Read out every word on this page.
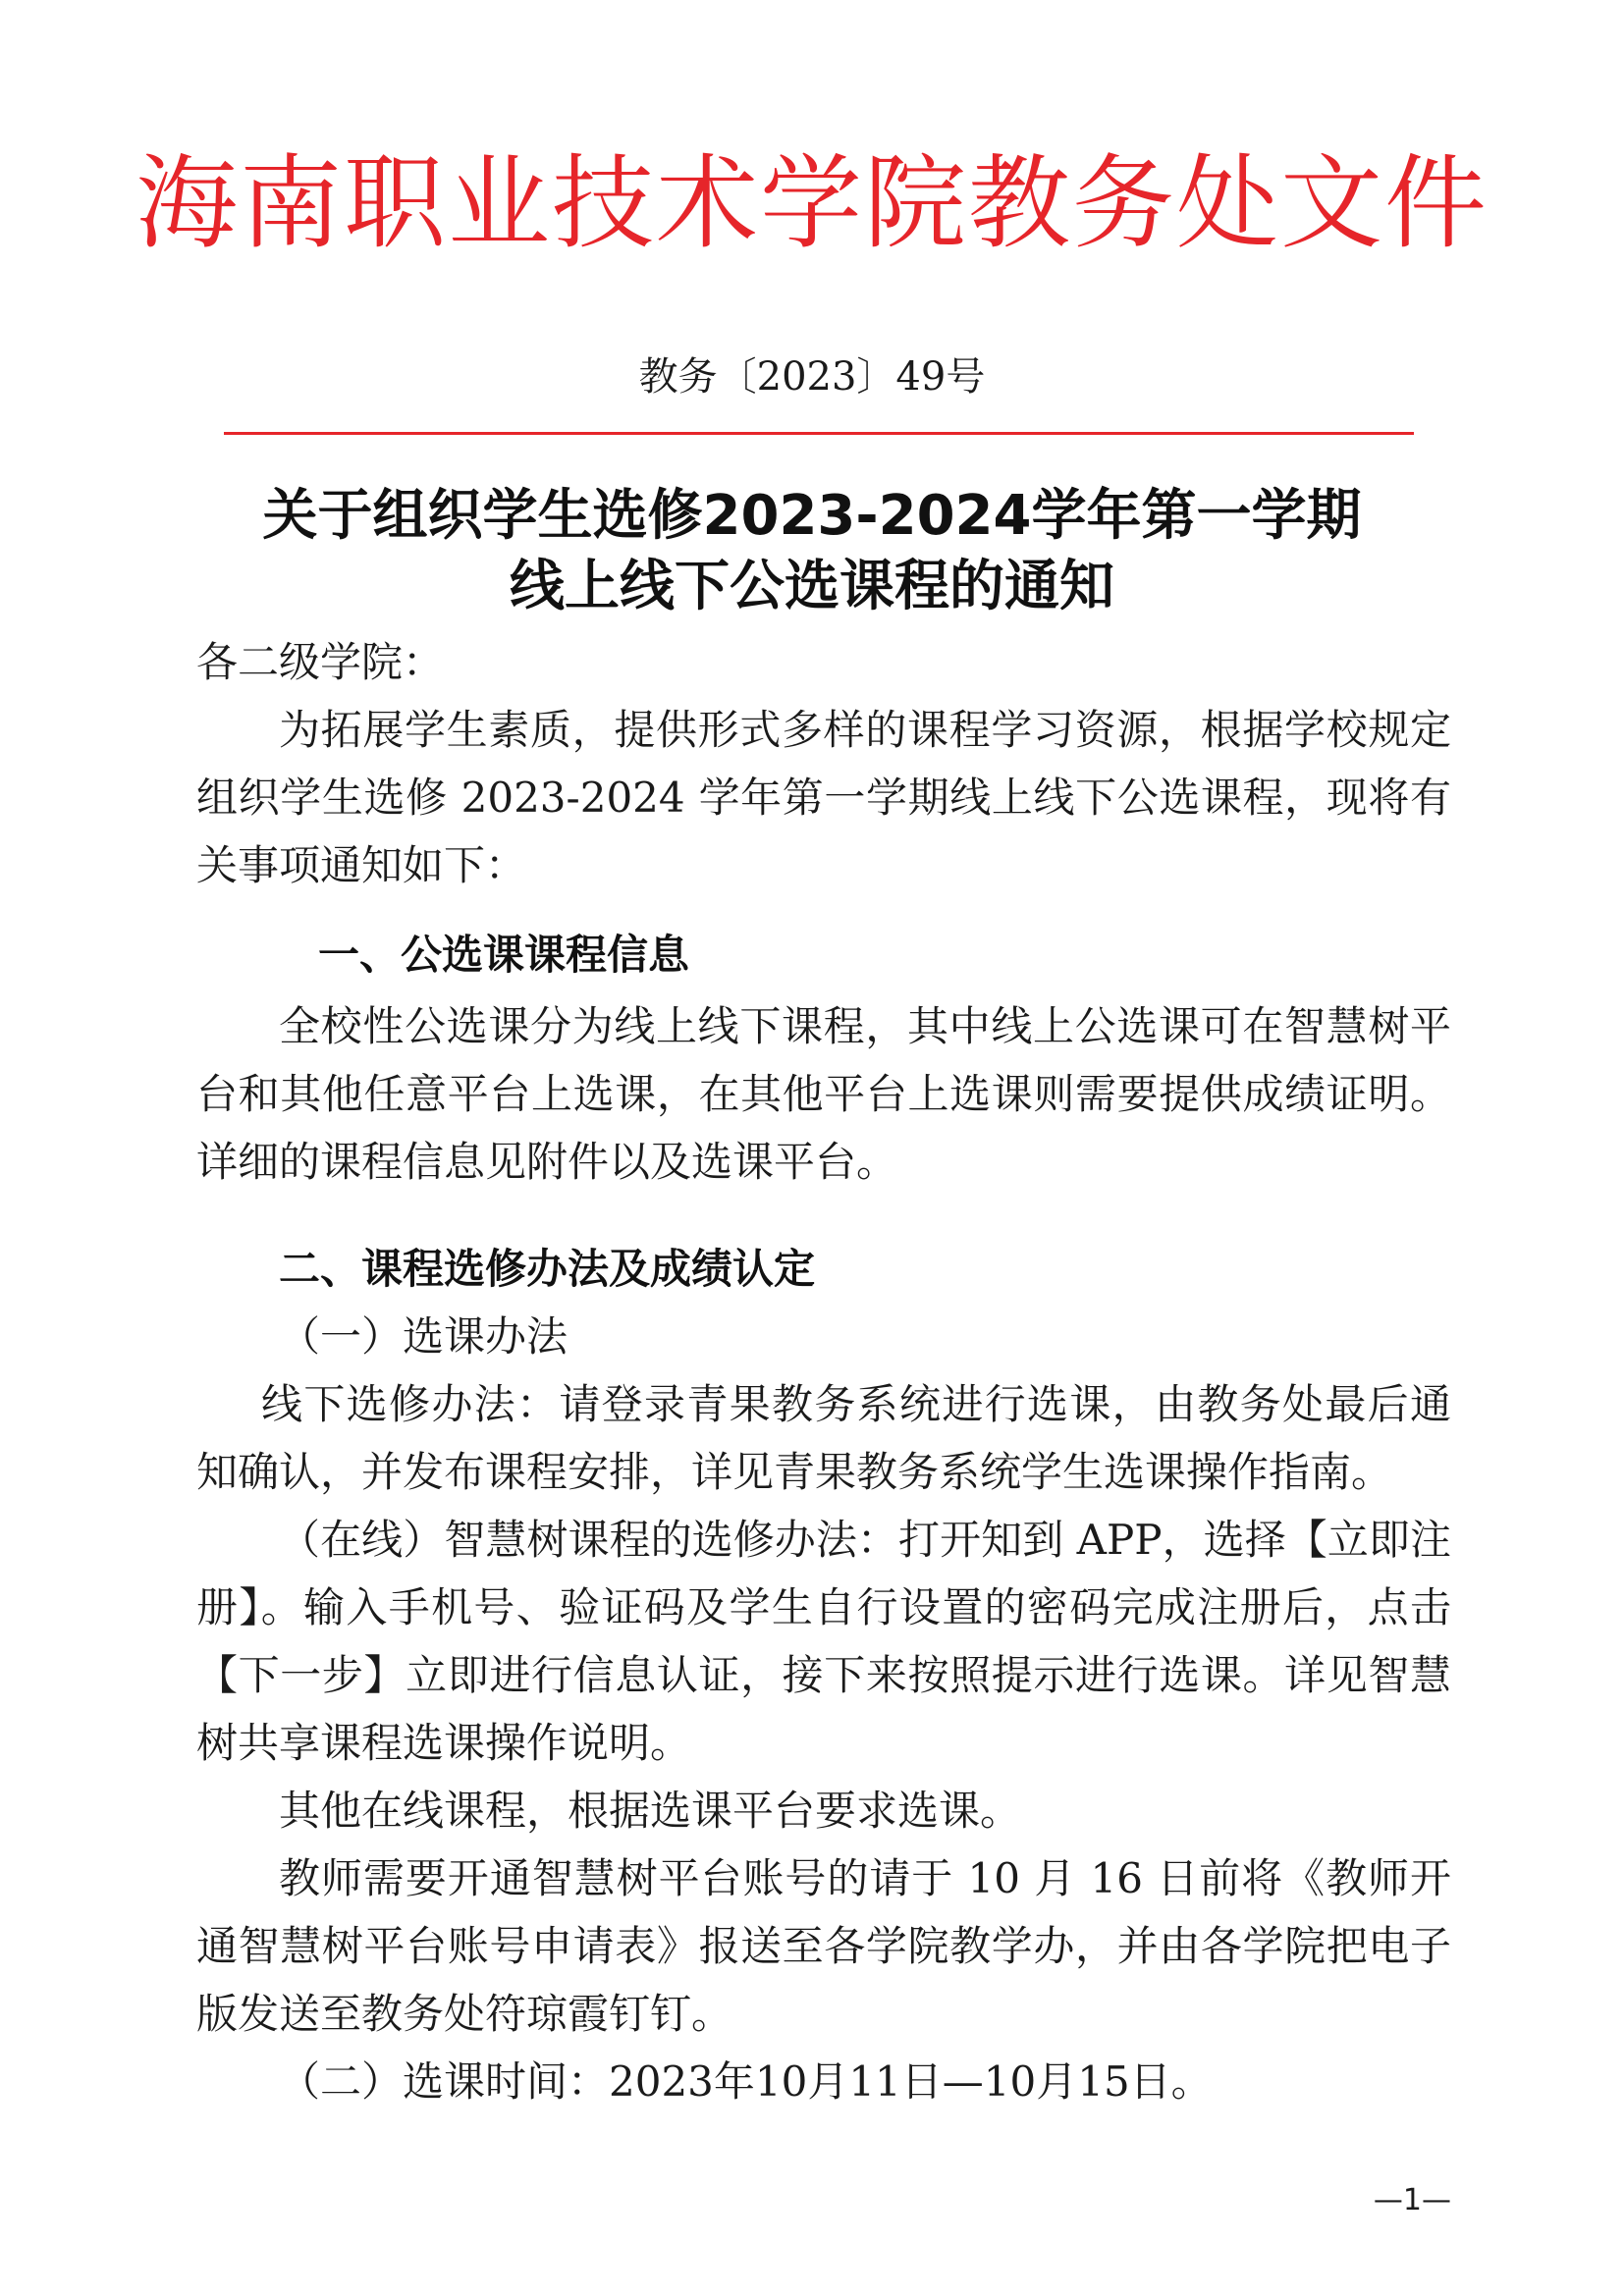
海南职业技术学院教务处文件
教务〔2023〕49号
关于组织学生选修2023-2024学年第一学期
线上线下公选课程的通知

各二级学院：

为拓展学生素质，提供形式多样的课程学习资源，根据学校规定组织学生选修 2023-2024 学年第一学期线上线下公选课程，现将有关事项通知如下：

一、公选课课程信息

全校性公选课分为线上线下课程，其中线上公选课可在智慧树平台和其他任意平台上选课，在其他平台上选课则需要提供成绩证明。详细的课程信息见附件以及选课平台。

二、课程选修办法及成绩认定

（一）选课办法

线下选修办法：请登录青果教务系统进行选课，由教务处最后通知确认，并发布课程安排，详见青果教务系统学生选课操作指南。

（在线）智慧树课程的选修办法：打开知到 APP，选择【立即注册】。输入手机号、验证码及学生自行设置的密码完成注册后，点击【下一步】立即进行信息认证，接下来按照提示进行选课。详见智慧树共享课程选课操作说明。

其他在线课程，根据选课平台要求选课。

教师需要开通智慧树平台账号的请于 10 月 16 日前将《教师开通智慧树平台账号申请表》报送至各学院教学办，并由各学院把电子版发送至教务处符琼霞钉钉。

（二）选课时间：2023年10月11日—10月15日。

—1—
